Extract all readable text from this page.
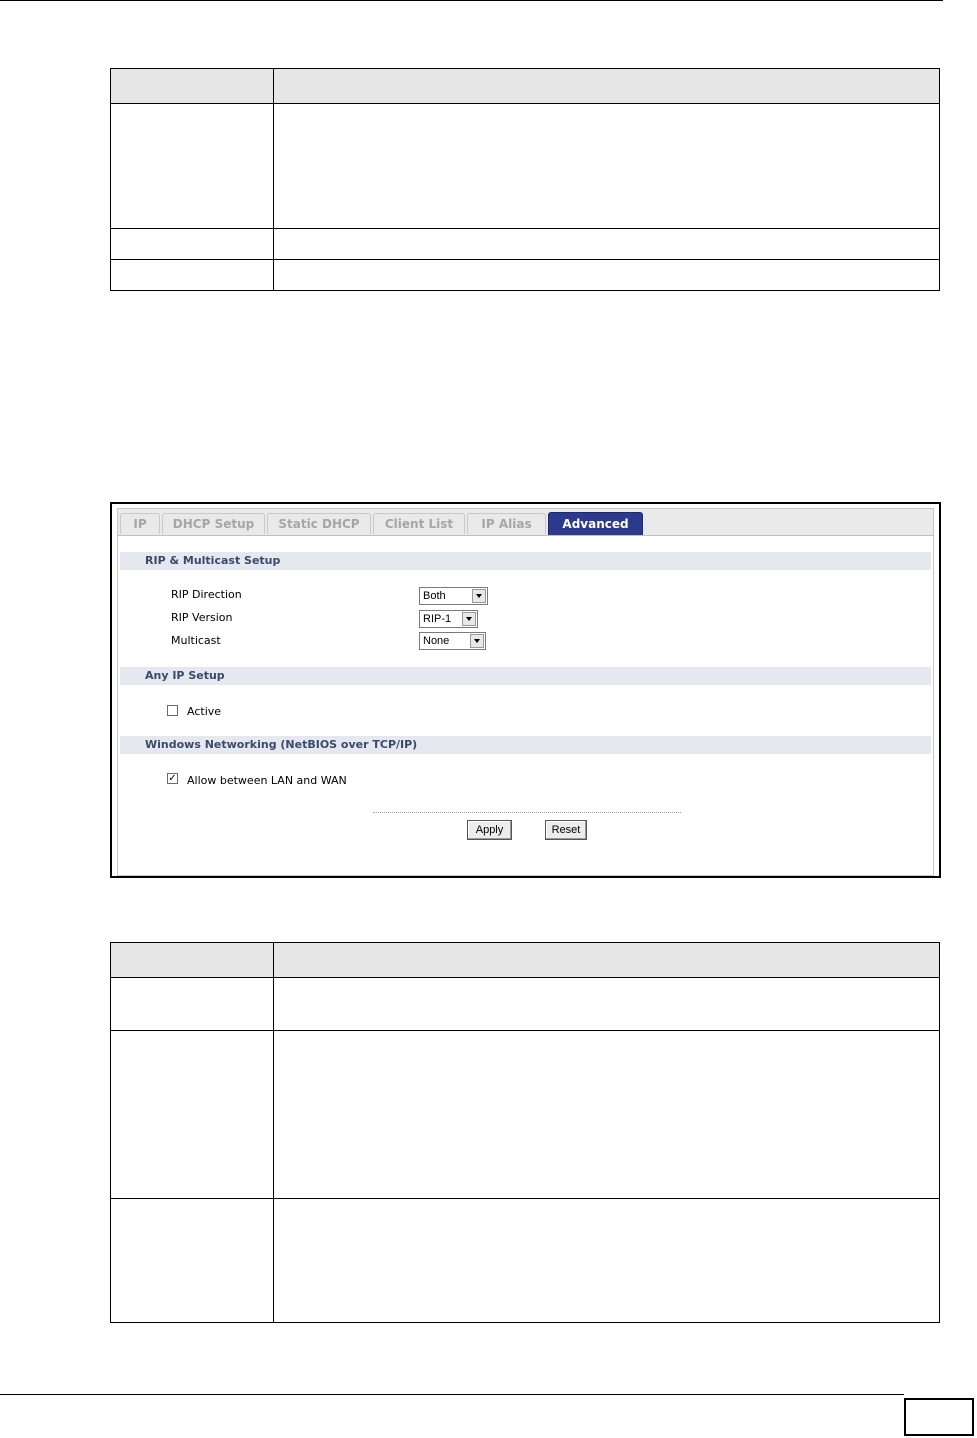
IP	DHCP Setup	Static DHCP	Client List	IP Alias	Advanced
RIP & Multicast Setup
RIP Direction	Both
RIP Version	RIP-1
Multicast	None
Any IP Setup
Active
Windows Networking (NetBIOS over TCP/IP)
✓ Allow between LAN and WAN
Apply	Reset
